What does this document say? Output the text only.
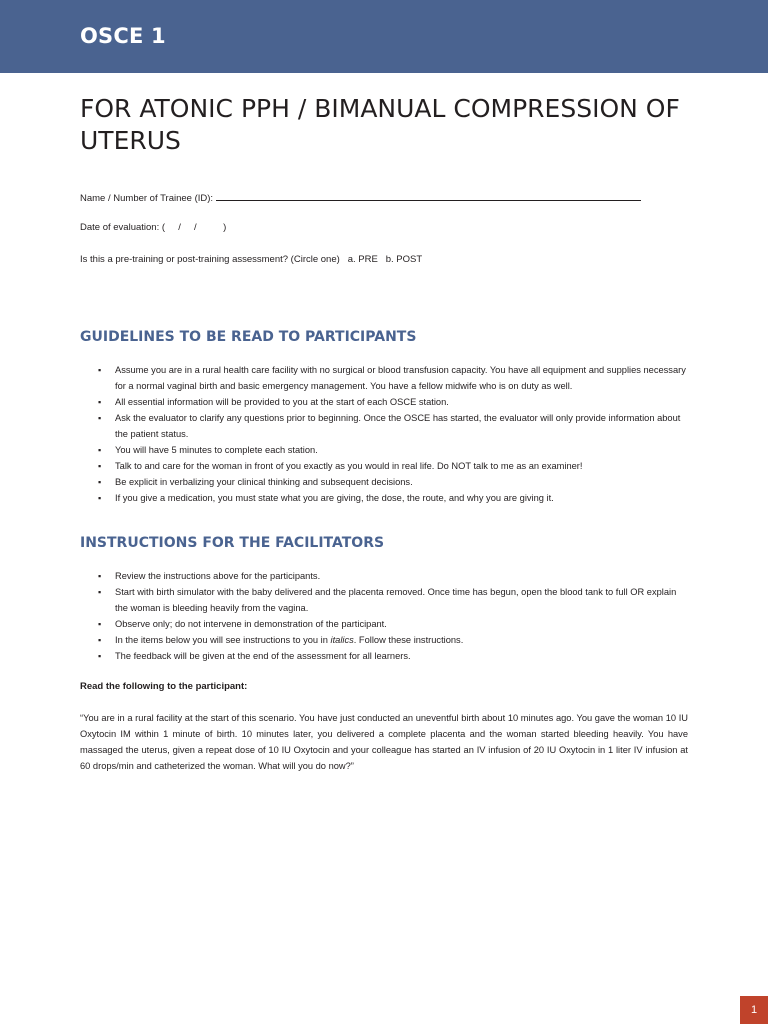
OSCE 1
FOR ATONIC PPH / BIMANUAL COMPRESSION OF UTERUS
Name / Number of Trainee (ID):
Date of evaluation: (     /     /          )
Is this a pre-training or post-training assessment? (Circle one) a. PRE b. POST
GUIDELINES TO BE READ TO PARTICIPANTS
▪ Assume you are in a rural health care facility with no surgical or blood transfusion capacity. You have all equipment and supplies necessary for a normal vaginal birth and basic emergency management. You have a fellow midwife who is on duty as well.
▪ All essential information will be provided to you at the start of each OSCE station.
▪ Ask the evaluator to clarify any questions prior to beginning. Once the OSCE has started, the evaluator will only provide information about the patient status.
▪ You will have 5 minutes to complete each station.
▪ Talk to and care for the woman in front of you exactly as you would in real life. Do NOT talk to me as an examiner!
▪ Be explicit in verbalizing your clinical thinking and subsequent decisions.
▪ If you give a medication, you must state what you are giving, the dose, the route, and why you are giving it.
INSTRUCTIONS FOR THE FACILITATORS
▪ Review the instructions above for the participants.
▪ Start with birth simulator with the baby delivered and the placenta removed. Once time has begun, open the blood tank to full OR explain the woman is bleeding heavily from the vagina.
▪ Observe only; do not intervene in demonstration of the participant.
▪ In the items below you will see instructions to you in italics. Follow these instructions.
▪ The feedback will be given at the end of the assessment for all learners.
Read the following to the participant:

“You are in a rural facility at the start of this scenario. You have just conducted an uneventful birth about 10 minutes ago. You gave the woman 10 IU Oxytocin IM within 1 minute of birth. 10 minutes later, you delivered a complete placenta and the woman started bleeding heavily. You have massaged the uterus, given a repeat dose of 10 IU Oxytocin and your colleague has started an IV infusion of 20 IU Oxytocin in 1 liter IV infusion at 60 drops/min and catheterized the woman. What will you do now?”

1
